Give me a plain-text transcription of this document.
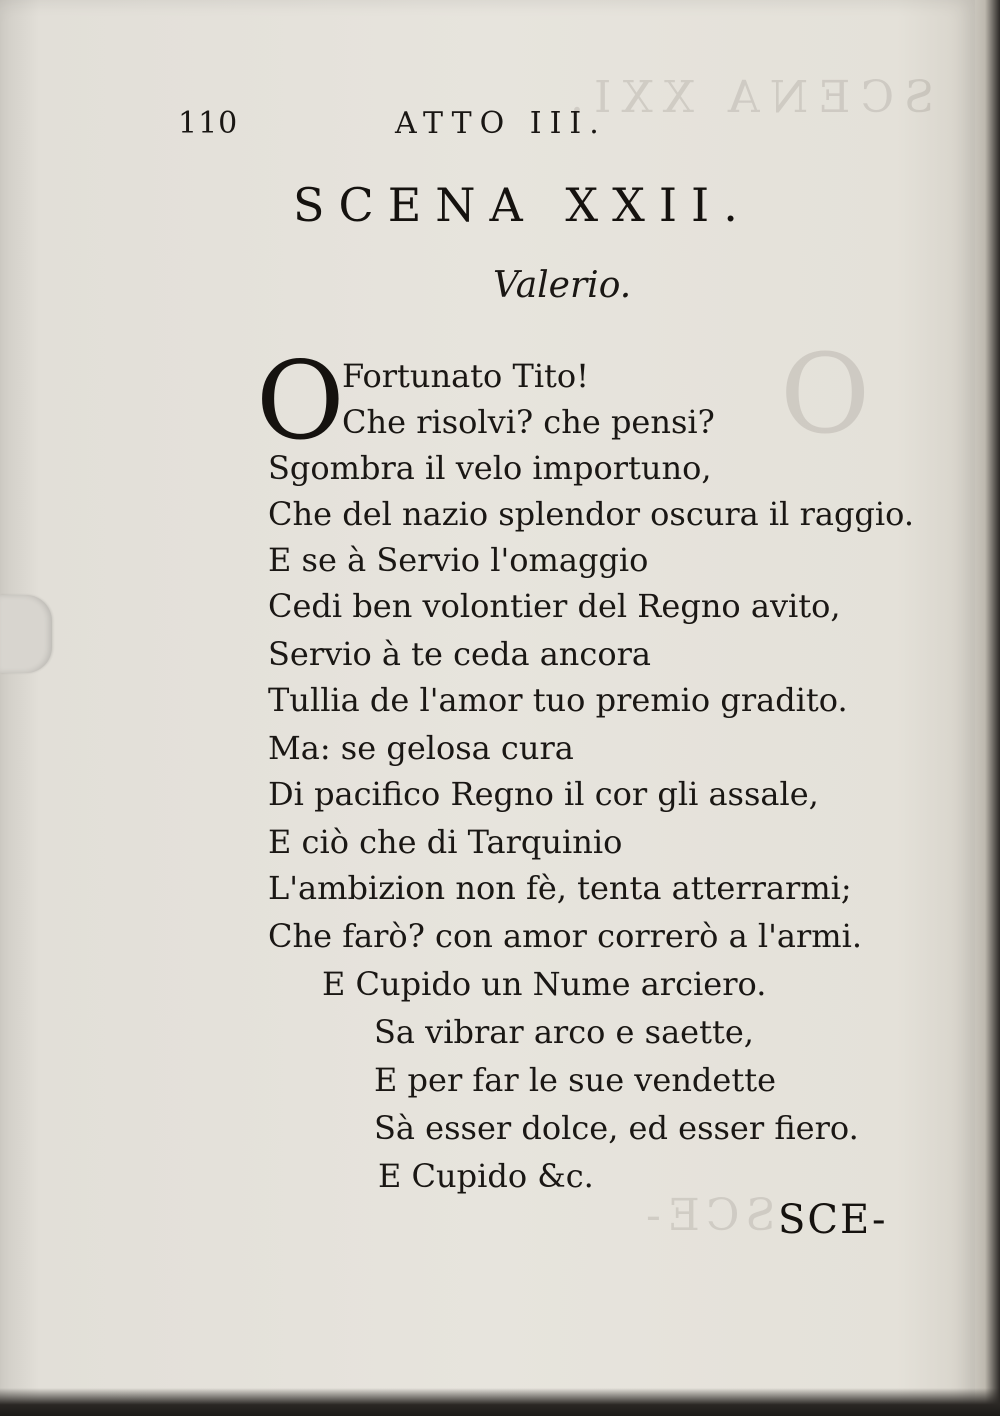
SCENA XXI.
O
SCE-
110	ATTO III.
SCENA XXII.
Valerio.
O
Fortunato Tito!
Che risolvi? che pensi?
Sgombra il velo importuno,
Che del nazio splendor oscura il raggio.
E se à Servio l'omaggio
Cedi ben volontier del Regno avito,
Servio à te ceda ancora
Tullia de l'amor tuo premio gradito.
Ma: se gelosa cura
Di pacifico Regno il cor gli assale,
E ciò che di Tarquinio
L'ambizion non fè, tenta atterrarmi;
Che farò? con amor correrò a l'armi.
E Cupido un Nume arciero.
Sa vibrar arco e saette,
E per far le sue vendette
Sà esser dolce, ed esser fiero.
E Cupido &c.
SCE-
